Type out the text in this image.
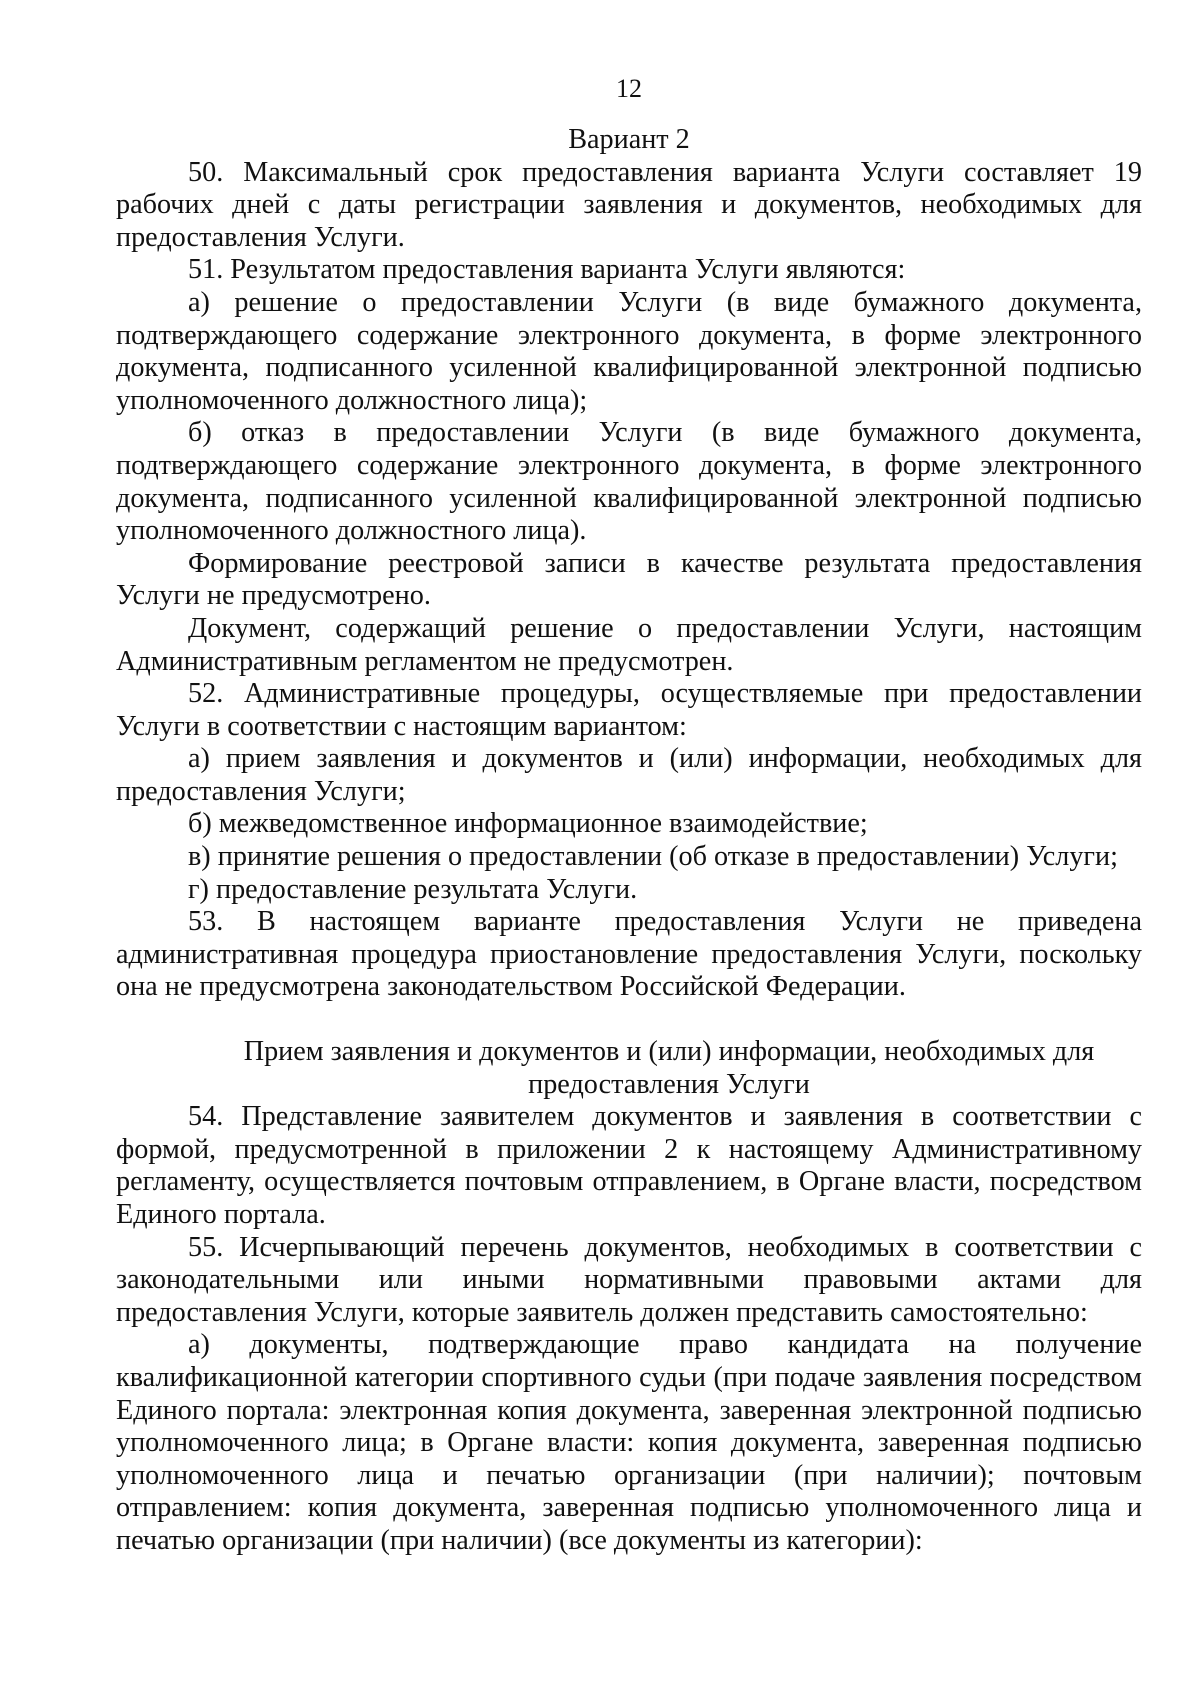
12

Вариант 2

50. Максимальный срок предоставления варианта Услуги составляет 19 рабочих дней с даты регистрации заявления и документов, необходимых для предоставления Услуги.

51. Результатом предоставления варианта Услуги являются:

а) решение о предоставлении Услуги (в виде бумажного документа, подтверждающего содержание электронного документа, в форме электронного документа, подписанного усиленной квалифицированной электронной подписью уполномоченного должностного лица);

б) отказ в предоставлении Услуги (в виде бумажного документа, подтверждающего содержание электронного документа, в форме электронного документа, подписанного усиленной квалифицированной электронной подписью уполномоченного должностного лица).

Формирование реестровой записи в качестве результата предоставления Услуги не предусмотрено.

Документ, содержащий решение о предоставлении Услуги, настоящим Административным регламентом не предусмотрен.

52. Административные процедуры, осуществляемые при предоставлении Услуги в соответствии с настоящим вариантом:

а) прием заявления и документов и (или) информации, необходимых для предоставления Услуги;

б) межведомственное информационное взаимодействие;

в) принятие решения о предоставлении (об отказе в предоставлении) Услуги;

г) предоставление результата Услуги.

53. В настоящем варианте предоставления Услуги не приведена административная процедура приостановление предоставления Услуги, поскольку она не предусмотрена законодательством Российской Федерации.

Прием заявления и документов и (или) информации, необходимых для предоставления Услуги

54. Представление заявителем документов и заявления в соответствии с формой, предусмотренной в приложении 2 к настоящему Административному регламенту, осуществляется почтовым отправлением, в Органе власти, посредством Единого портала.

55. Исчерпывающий перечень документов, необходимых в соответствии с законодательными или иными нормативными правовыми актами для предоставления Услуги, которые заявитель должен представить самостоятельно:

а) документы, подтверждающие право кандидата на получение квалификационной категории спортивного судьи (при подаче заявления посредством Единого портала: электронная копия документа, заверенная электронной подписью уполномоченного лица; в Органе власти: копия документа, заверенная подписью уполномоченного лица и печатью организации (при наличии); почтовым отправлением: копия документа, заверенная подписью уполномоченного лица и печатью организации (при наличии) (все документы из категории):
